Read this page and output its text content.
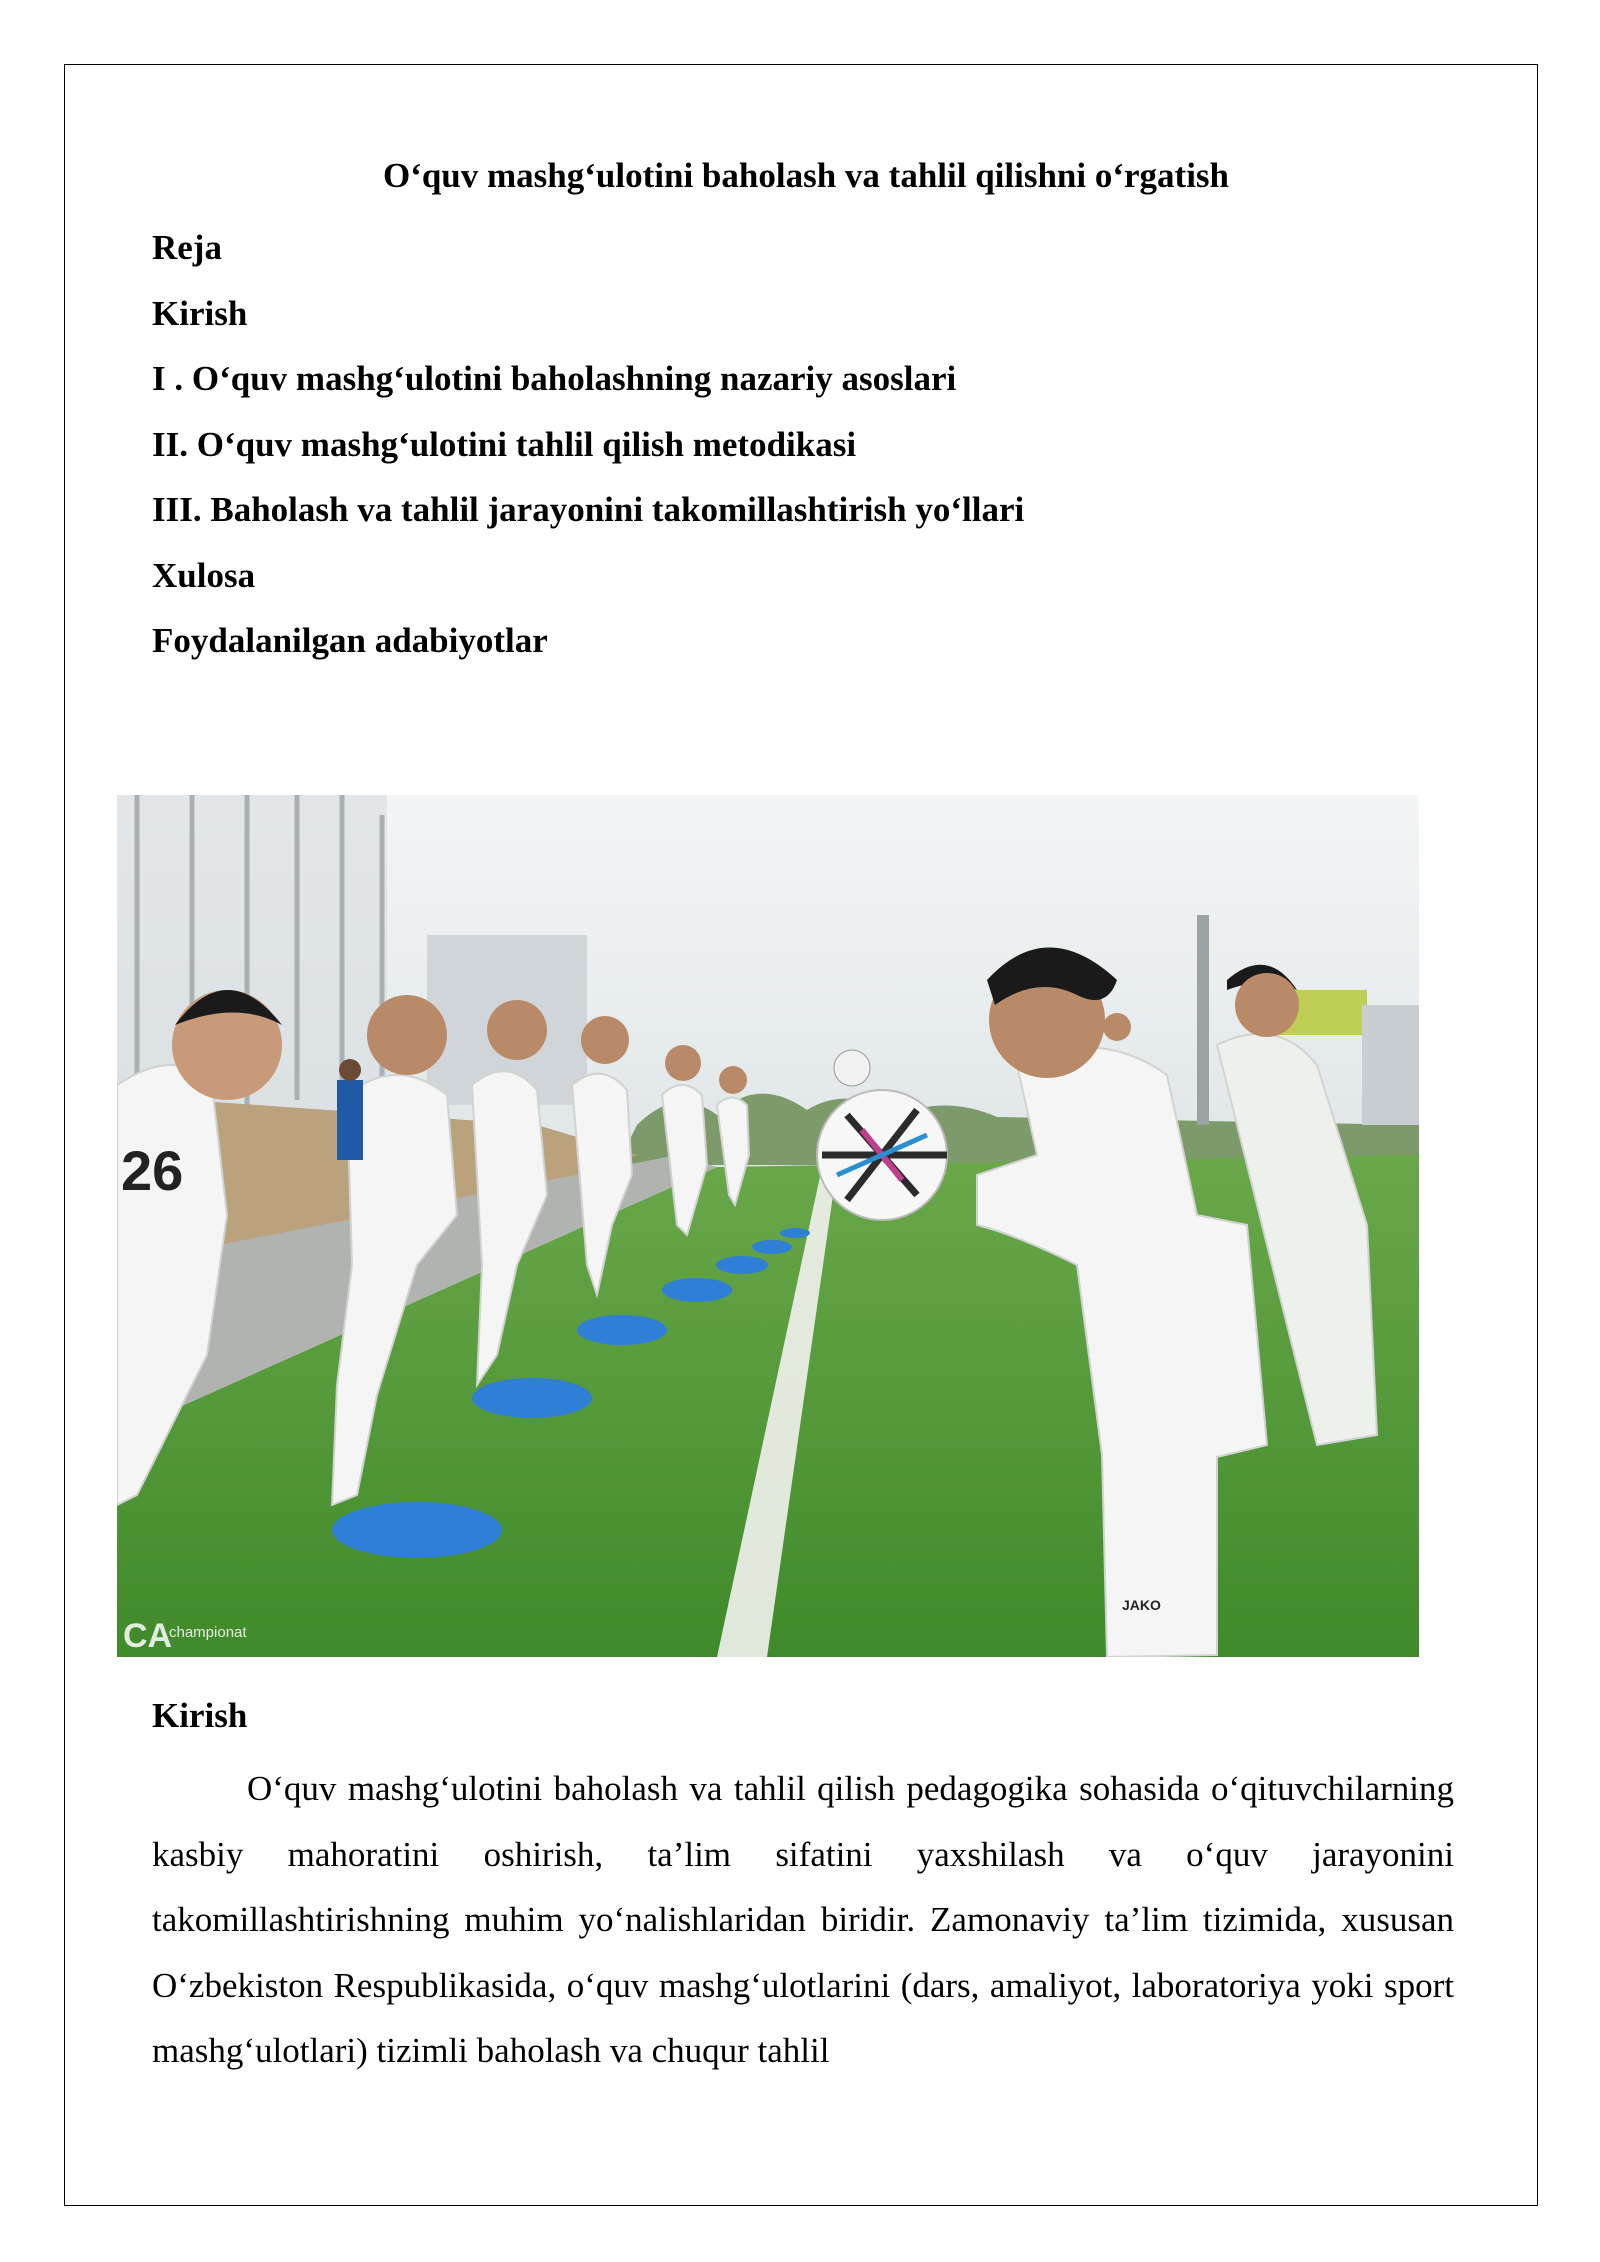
O‘quv mashg‘ulotini baholash va tahlil qilishni o‘rgatish
Reja
Kirish
I . O‘quv mashg‘ulotini baholashning nazariy asoslari
II. O‘quv mashg‘ulotini tahlil qilish metodikasi
III. Baholash va tahlil jarayonini takomillashtirish yo‘llari
Xulosa
Foydalanilgan adabiyotlar
26
JAKO
CA
championat
Kirish

O‘quv mashg‘ulotini baholash va tahlil qilish pedagogika sohasida o‘qituvchilarning kasbiy mahoratini oshirish, ta’lim sifatini yaxshilash va o‘quv jarayonini takomillashtirishning muhim yo‘nalishlaridan biridir. Zamonaviy ta’lim tizimida, xususan O‘zbekiston Respublikasida, o‘quv mashg‘ulotlarini (dars, amaliyot, laboratoriya yoki sport mashg‘ulotlari) tizimli baholash va chuqur tahlil
